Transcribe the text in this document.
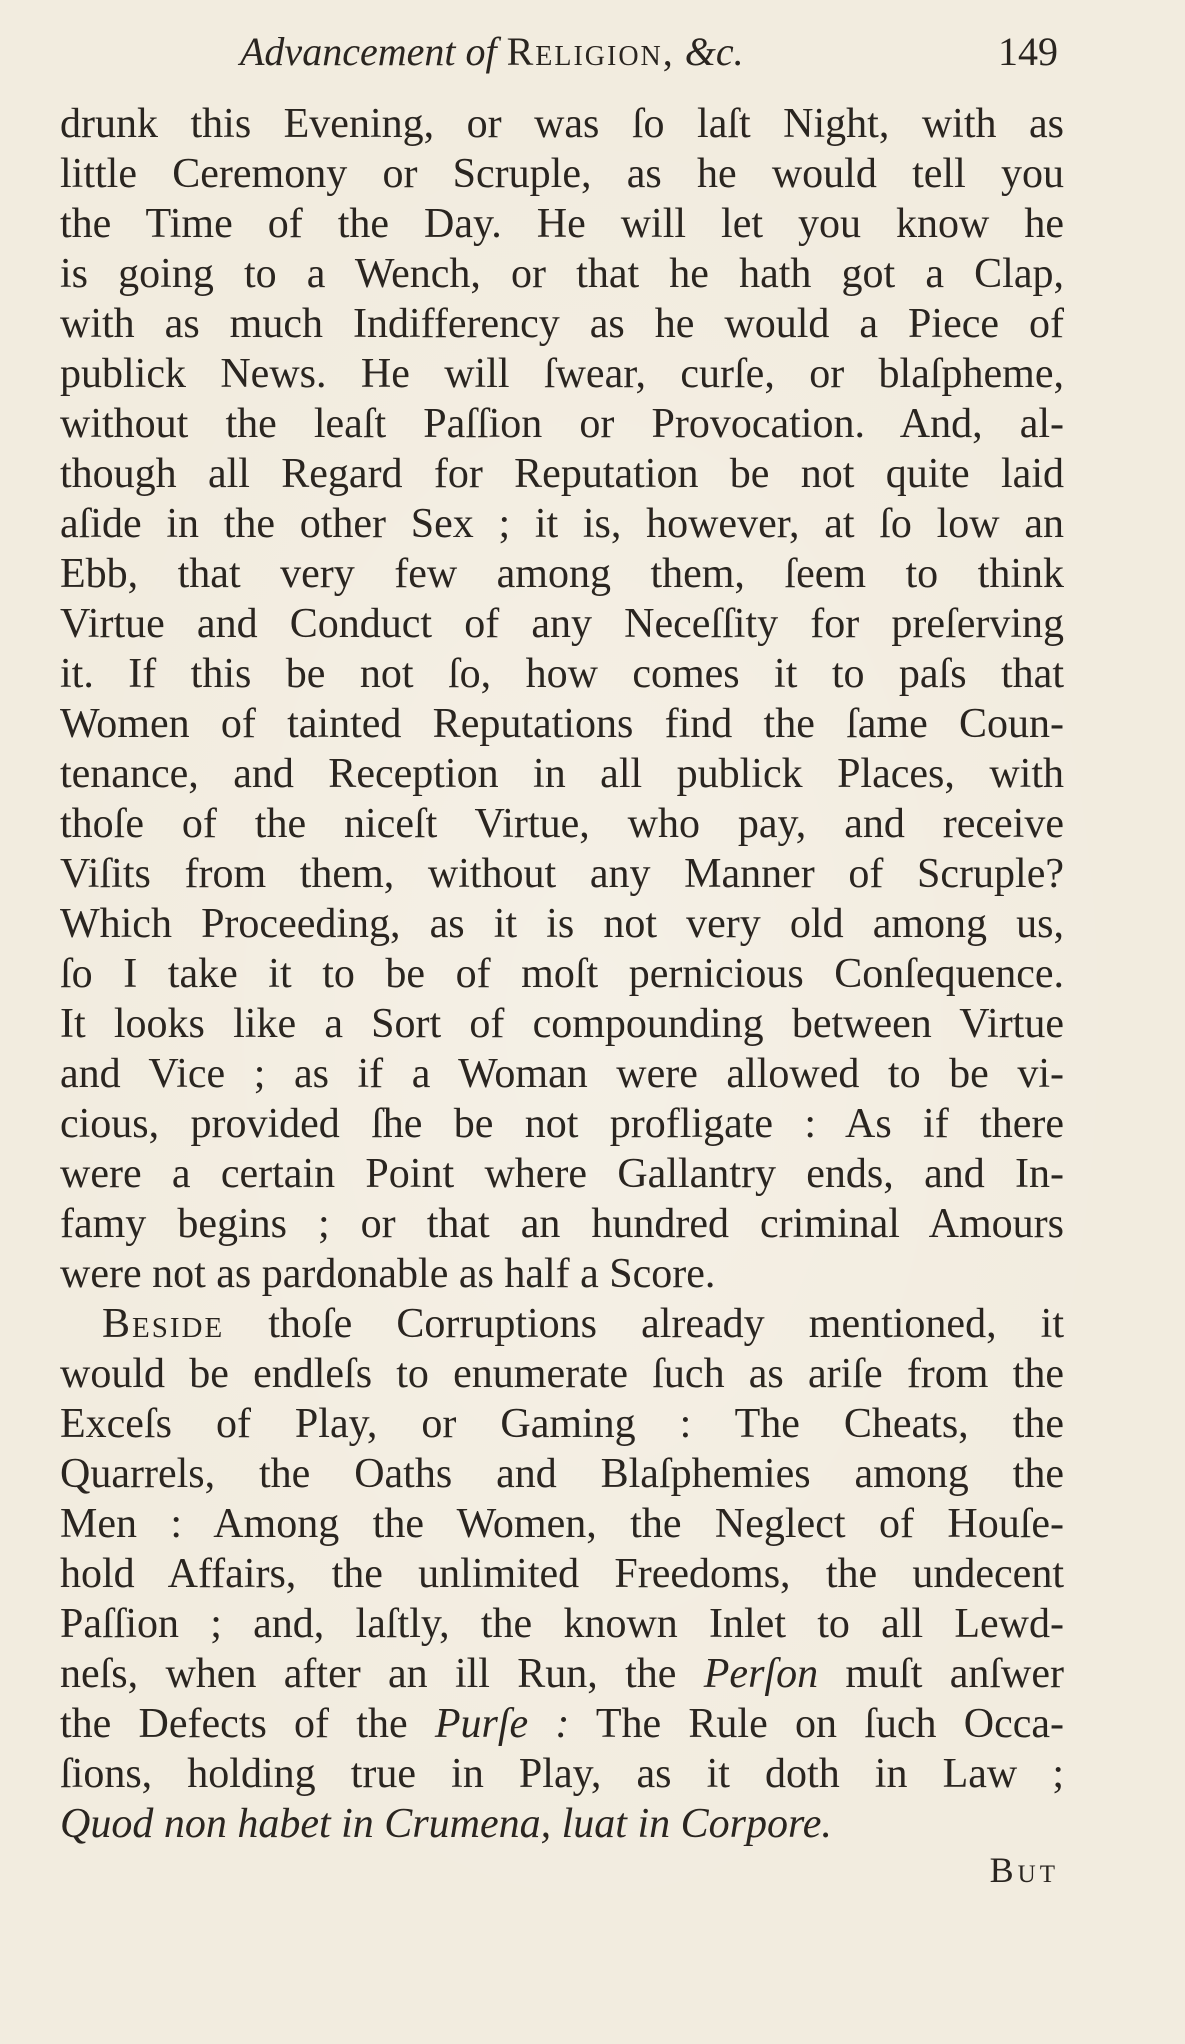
Advancement of Religion, &c.	149
drunk this Evening, or was ſo laſt Night, with as
little Ceremony or Scruple, as he would tell you
the Time of the Day. He will let you know he
is going to a Wench, or that he hath got a Clap,
with as much Indifferency as he would a Piece of
publick News. He will ſwear, curſe, or blaſpheme,
without the leaſt Paſſion or Provocation. And, al-
though all Regard for Reputation be not quite laid
aſide in the other Sex ; it is, however, at ſo low an
Ebb, that very few among them, ſeem to think
Virtue and Conduct of any Neceſſity for preſerving
it. If this be not ſo, how comes it to paſs that
Women of tainted Reputations find the ſame Coun-
tenance, and Reception in all publick Places, with
thoſe of the niceſt Virtue, who pay, and receive
Viſits from them, without any Manner of Scruple?
Which Proceeding, as it is not very old among us,
ſo I take it to be of moſt pernicious Conſequence.
It looks like a Sort of compounding between Virtue
and Vice ; as if a Woman were allowed to be vi-
cious, provided ſhe be not profligate : As if there
were a certain Point where Gallantry ends, and In-
famy begins ; or that an hundred criminal Amours
were not as pardonable as half a Score.
Beside thoſe Corruptions already mentioned, it
would be endleſs to enumerate ſuch as ariſe from the
Exceſs of Play, or Gaming : The Cheats, the
Quarrels, the Oaths and Blaſphemies among the
Men : Among the Women, the Neglect of Houſe-
hold Affairs, the unlimited Freedoms, the undecent
Paſſion ; and, laſtly, the known Inlet to all Lewd-
neſs, when after an ill Run, the Perſon muſt anſwer
the Defects of the Purſe : The Rule on ſuch Occa-
ſions, holding true in Play, as it doth in Law ;
Quod non habet in Crumena, luat in Corpore.
But
